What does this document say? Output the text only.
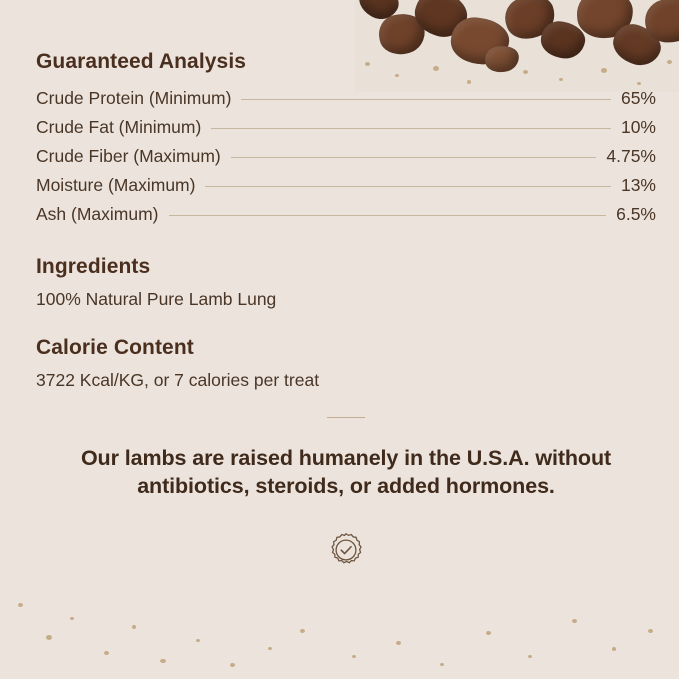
Guaranteed Analysis
Crude Protein (Minimum)	65%
Crude Fat (Minimum)	10%
Crude Fiber (Maximum)	4.75%
Moisture (Maximum)	13%
Ash (Maximum)	6.5%
Ingredients

100% Natural Pure Lamb Lung

Calorie Content

3722 Kcal/KG, or 7 calories per treat

Our lambs are raised humanely in the U.S.A. without
antibiotics, steroids, or added hormones.
